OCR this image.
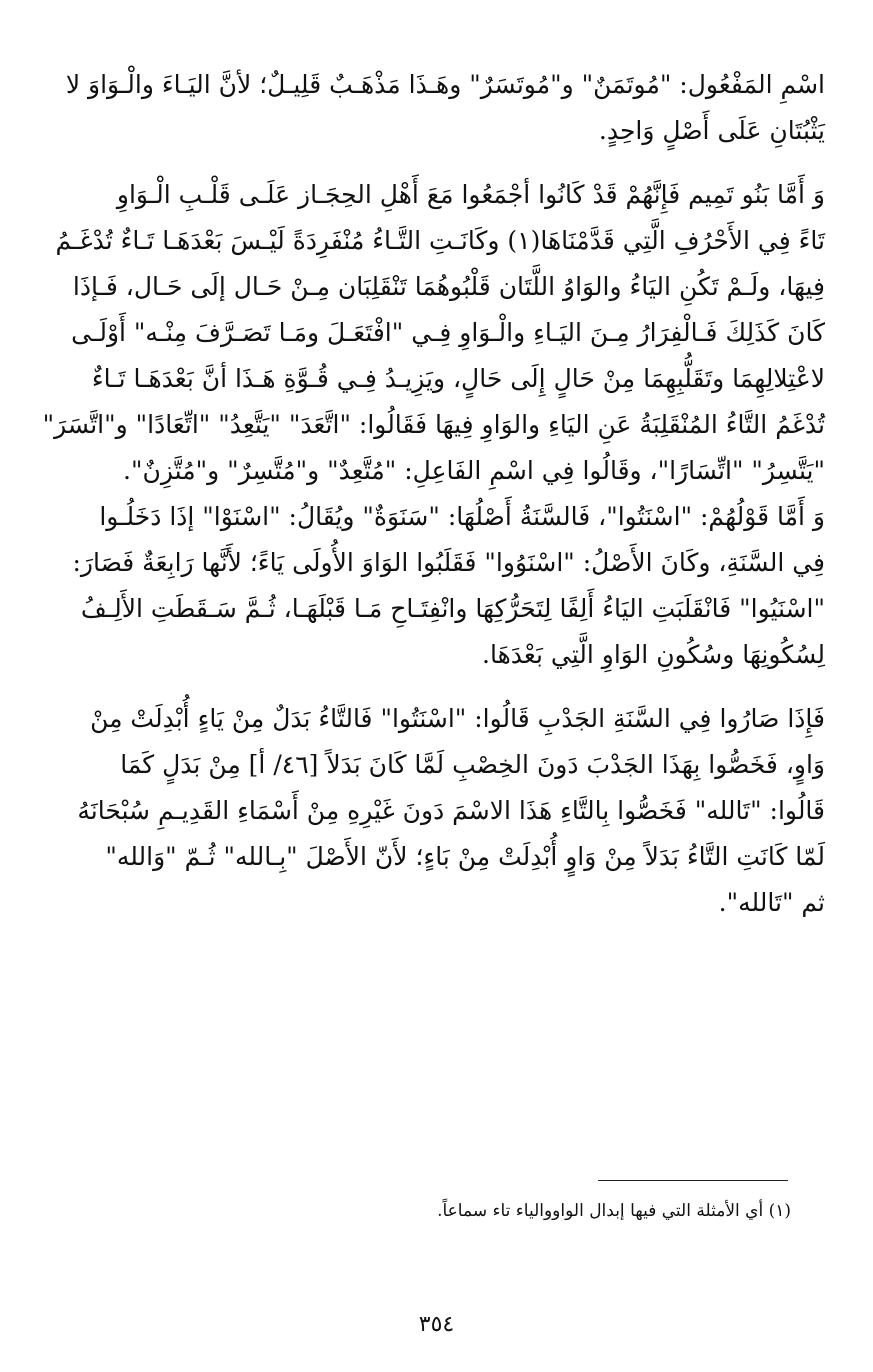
اسْمِ المَفْعُول: "مُوتَمَنٌ" و"مُوتَسَرٌ" وهَـذَا مَذْهَـبٌ قَلِيـلٌ؛ لأنَّ اليَـاءَ والْـوَاوَ لا
يَثْبُتَانِ عَلَى أَصْلٍ وَاحِدٍ.
وَ أَمَّا بَنُو تَمِيم فَإِنَّهُمْ قَدْ كَانُوا أجْمَعُوا مَعَ أَهْلِ الحِجَـاز عَلَـى قَلْـبِ الْـوَاوِ
تَاءً فِي الأَحْرُفِ الَّتِي قَدَّمْنَاهَا(١) وكَانَـتِ التَّـاءُ مُنْفَرِدَةً لَيْـسَ بَعْدَهَـا تَـاءٌ تُدْغَـمُ
فِيهَا، ولَـمْ تَكُنِ اليَاءُ والوَاوُ اللَّتَان قَلْبُوهُمَا تَنْقَلِبَان مِـنْ حَـال إلَى حَـال، فَـإذَا
كَانَ كَذَلِكَ فَـالْفِرَارُ مِـنَ اليَـاءِ والْـوَاوِ فِـي "افْتَعَـلَ ومَـا تَصَـرَّفَ مِنْـه" أَوْلَـى
لاعْتِلالِهِمَا وتَقَلُّبِهِمَا مِنْ حَالٍ إِلَى حَالٍ، ويَزِيـدُ فِـي قُـوَّةِ هَـذَا أنَّ بَعْدَهَـا تَـاءٌ
تُدْغَمُ التَّاءُ المُنْقَلِبَةُ عَنِ اليَاءِ والوَاوِ فِيهَا فَقَالُوا: "اتَّعَدَ" "يَتَّعِدُ" "اتِّعَادًا" و"اتَّسَرَ"
"يَتَّسِرُ" "اتِّسَارًا"، وقَالُوا فِي اسْمِ الفَاعِلِ: "مُتَّعِدٌ" و"مُتَّسِرٌ" و"مُتَّزِنٌ".
وَ أَمَّا قَوْلُهُمْ: "اسْنَتُوا"، فَالسَّنَةُ أَصْلُهَا: "سَنَوَةٌ" ويُقَالُ: "اسْنَوْا" إذَا دَخَلُـوا
فِي السَّنَةِ، وكَانَ الأَصْلُ: "اسْنَوُوا" فَقَلَبُوا الوَاوَ الأُولَى يَاءً؛ لأَنَّها رَابِعَةٌ فَصَارَ:
"اسْنَيُوا" فَانْقَلَبَتِ اليَاءُ أَلِفًا لِتَحَرُّكِهَا وانْفِتَـاحِ مَـا قَبْلَهَـا، ثُـمَّ سَـقَطَتِ الأَلِـفُ
لِسُكُونِهَا وسُكُونِ الوَاوِ الَّتِي بَعْدَهَا.
فَإِذَا صَارُوا فِي السَّنَةِ الجَدْبِ قَالُوا: "اسْنَتُوا" فَالتَّاءُ بَدَلٌ مِنْ يَاءٍ أُبْدِلَتْ مِنْ
وَاوٍ، فَخَصُّوا بِهَذَا الجَدْبَ دَونَ الخِصْبِ لَمَّا كَانَ بَدَلاً [٤٦/ أ] مِنْ بَدَلٍ كَمَا
قَالُوا: "تَالله" فَخَصُّوا بِالتَّاءِ هَذَا الاسْمَ دَونَ غَيْرِهِ مِنْ أَسْمَاءِ القَدِيـمِ سُبْحَانَهُ
لَمّا كَانَتِ التَّاءُ بَدَلاً مِنْ وَاوٍ أُبْدِلَتْ مِنْ بَاءٍ؛ لأَنّ الأَصْلَ "بِـالله" ثُـمّ "وَالله"
ثم "تَالله".
(١) أي الأمثلة التي فيها إبدال الواووالياء تاء سماعاً.
٣٥٤
